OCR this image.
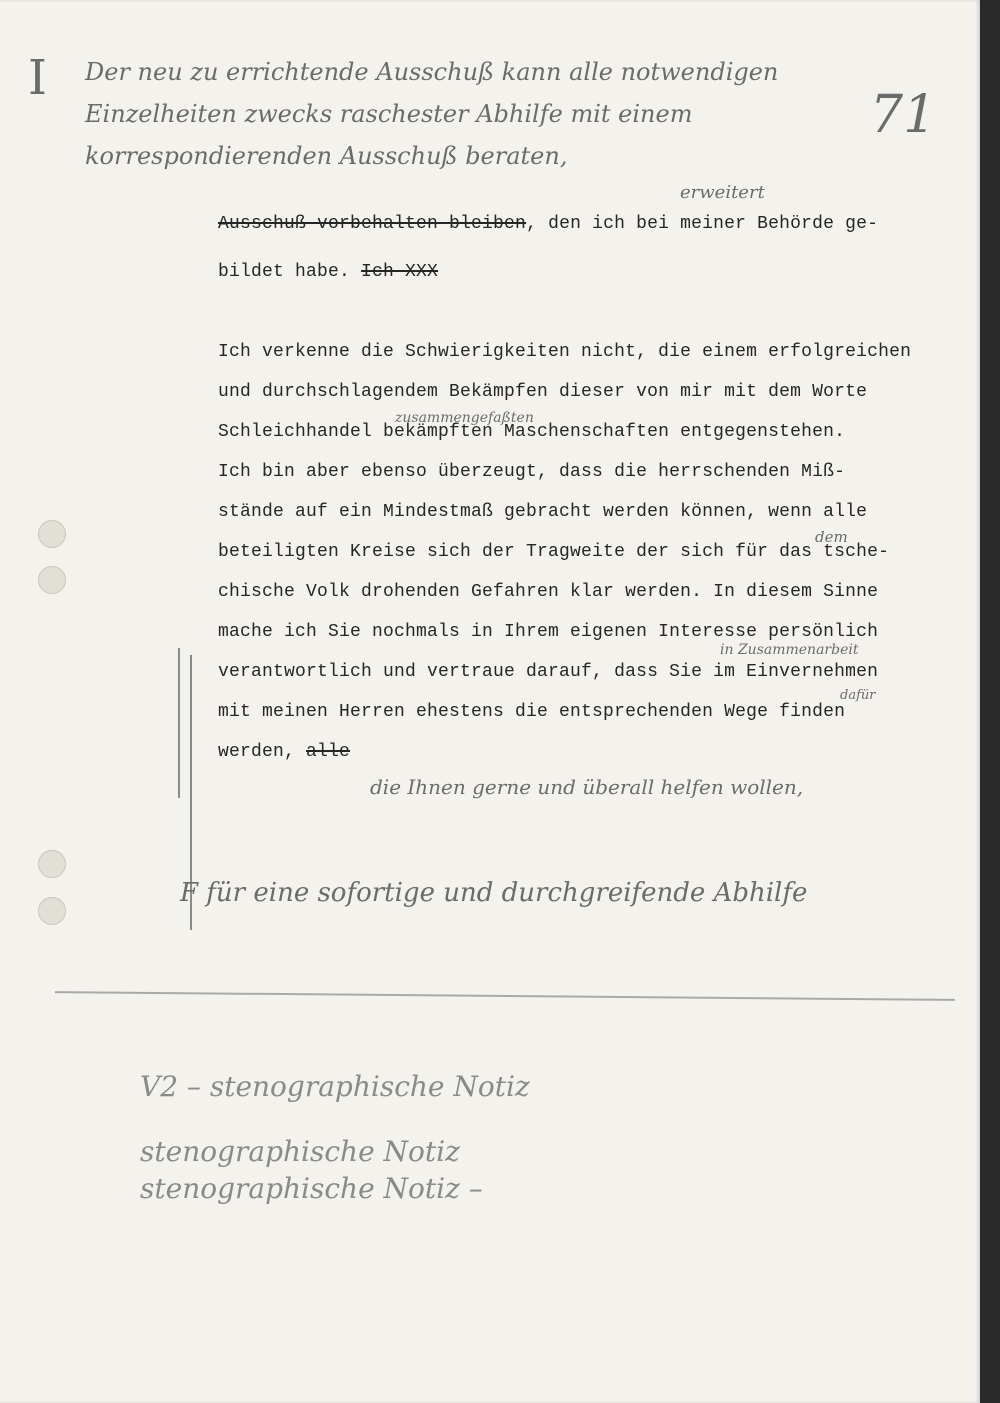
I
71
Der neu zu errichtende Ausschuß kann alle notwendigen
Einzelheiten zwecks raschester Abhilfe mit einem
korrespondierenden Ausschuß beraten,
erweitert
Ausschuß vorbehalten bleiben, den ich bei meiner Behörde ge-
bildet habe. Ich XXX
zusammengefaßten
dem
in Zusammenarbeit
dafür
Ich verkenne die Schwierigkeiten nicht, die einem erfolgreichen
und durchschlagendem Bekämpfen dieser von mir mit dem Worte
Schleichhandel bekämpften Maschenschaften entgegenstehen.
Ich bin aber ebenso überzeugt, dass die herrschenden Miß-
stände auf ein Mindestmaß gebracht werden können, wenn alle
beteiligten Kreise sich der Tragweite der sich für das tsche-
chische Volk drohenden Gefahren klar werden. In diesem Sinne
mache ich Sie nochmals in Ihrem eigenen Interesse persönlich
verantwortlich und vertraue darauf, dass Sie im Einvernehmen
mit meinen Herren ehestens die entsprechenden Wege finden
werden, alle
die Ihnen gerne und überall helfen wollen,
F für eine sofortige und durchgreifende Abhilfe
V2 – stenographische Notiz
stenographische Notiz
stenographische Notiz –
